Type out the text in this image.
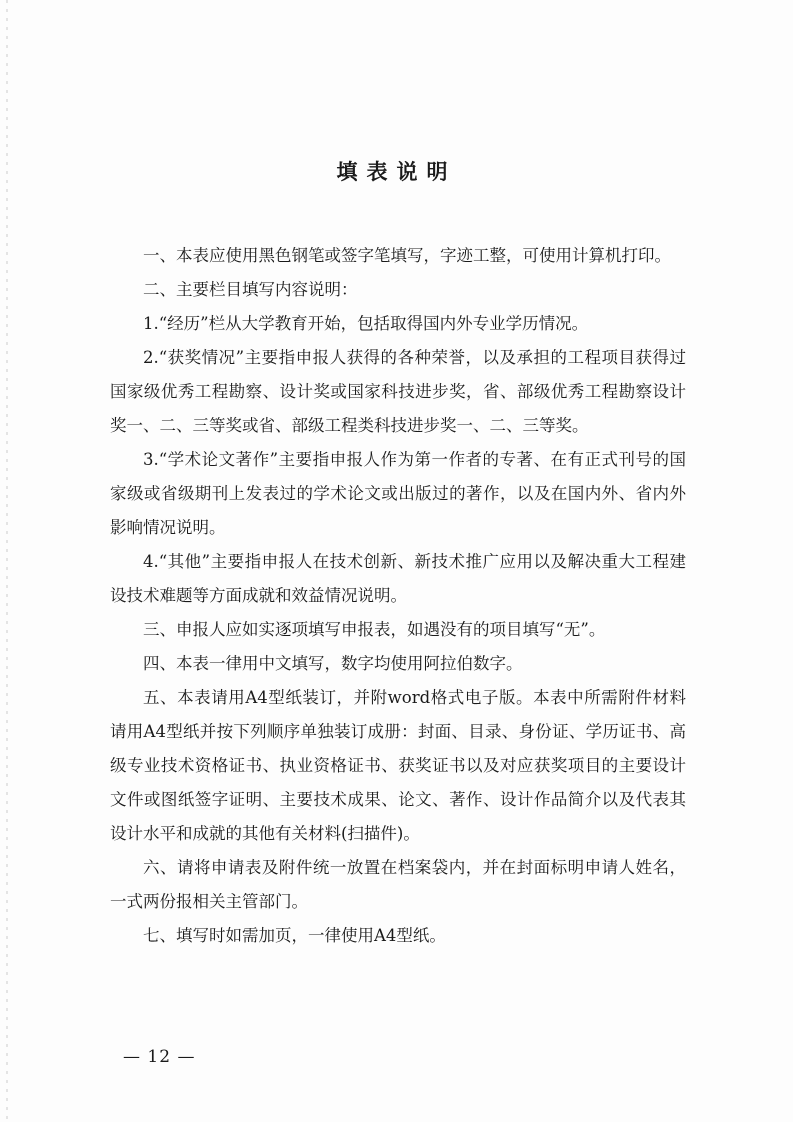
填表说明

一、本表应使用黑色钢笔或签字笔填写，字迹工整，可使用计算机打印。

二、主要栏目填写内容说明：

1.“经历”栏从大学教育开始，包括取得国内外专业学历情况。

2.“获奖情况”主要指申报人获得的各种荣誉，以及承担的工程项目获得过国家级优秀工程勘察、设计奖或国家科技进步奖，省、部级优秀工程勘察设计奖一、二、三等奖或省、部级工程类科技进步奖一、二、三等奖。

3.“学术论文著作”主要指申报人作为第一作者的专著、在有正式刊号的国家级或省级期刊上发表过的学术论文或出版过的著作，以及在国内外、省内外影响情况说明。

4.“其他”主要指申报人在技术创新、新技术推广应用以及解决重大工程建设技术难题等方面成就和效益情况说明。

三、申报人应如实逐项填写申报表，如遇没有的项目填写“无”。

四、本表一律用中文填写，数字均使用阿拉伯数字。

五、本表请用A4型纸装订，并附word格式电子版。本表中所需附件材料请用A4型纸并按下列顺序单独装订成册：封面、目录、身份证、学历证书、高级专业技术资格证书、执业资格证书、获奖证书以及对应获奖项目的主要设计文件或图纸签字证明、主要技术成果、论文、著作、设计作品简介以及代表其设计水平和成就的其他有关材料(扫描件)。

六、请将申请表及附件统一放置在档案袋内，并在封面标明申请人姓名，一式两份报相关主管部门。

七、填写时如需加页，一律使用A4型纸。

— 12 —
